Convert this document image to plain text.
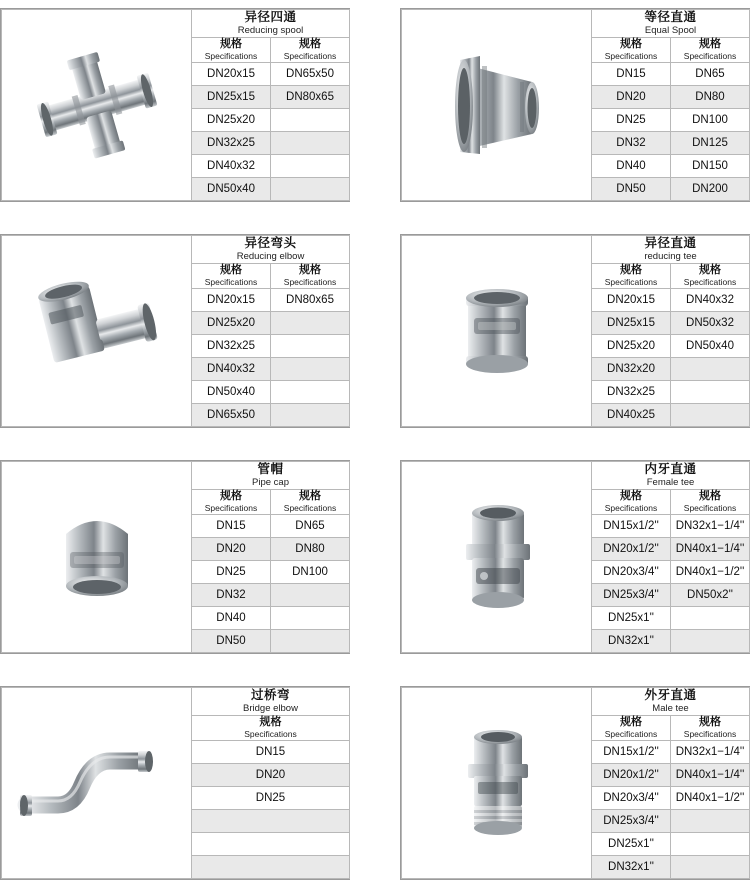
异径四通
Reducing spool	

规格
Specifications

规格
Specifications

	DN20x15	DN65x50
	DN25x15	DN80x65
	DN25x20	
	DN32x25	
	DN40x32	
	DN50x40	

等径直通
Equal Spool	

规格
Specifications

规格
Specifications

	DN15	DN65
	DN20	DN80
	DN25	DN100
	DN32	DN125
	DN40	DN150
	DN50	DN200

异径弯头
Reducing elbow	

规格
Specifications

规格
Specifications

	DN20x15	DN80x65
	DN25x20	
	DN32x25	
	DN40x32	
	DN50x40	
	DN65x50	

异径直通
reducing tee	

规格
Specifications

规格
Specifications

	DN20x15	DN40x32
	DN25x15	DN50x32
	DN25x20	DN50x40
	DN32x20	
	DN32x25	
	DN40x25	

管帽
Pipe cap	

规格
Specifications

规格
Specifications

	DN15	DN65
	DN20	DN80
	DN25	DN100
	DN32	
	DN40	
	DN50	

内牙直通
Female tee	

规格
Specifications

规格
Specifications

	DN15x1/2''	DN32x1−1/4''
	DN20x1/2''	DN40x1−1/4''
	DN20x3/4''	DN40x1−1/2''
	DN25x3/4''	DN50x2''
	DN25x1''	
	DN32x1''	

过桥弯
Bridge elbow

规格
Specifications

DN15
DN20
DN25

外牙直通
Male tee	

规格
Specifications

规格
Specifications

	DN15x1/2''	DN32x1−1/4''
	DN20x1/2''	DN40x1−1/4''
	DN20x3/4''	DN40x1−1/2''
	DN25x3/4''	
	DN25x1''	
	DN32x1''	
